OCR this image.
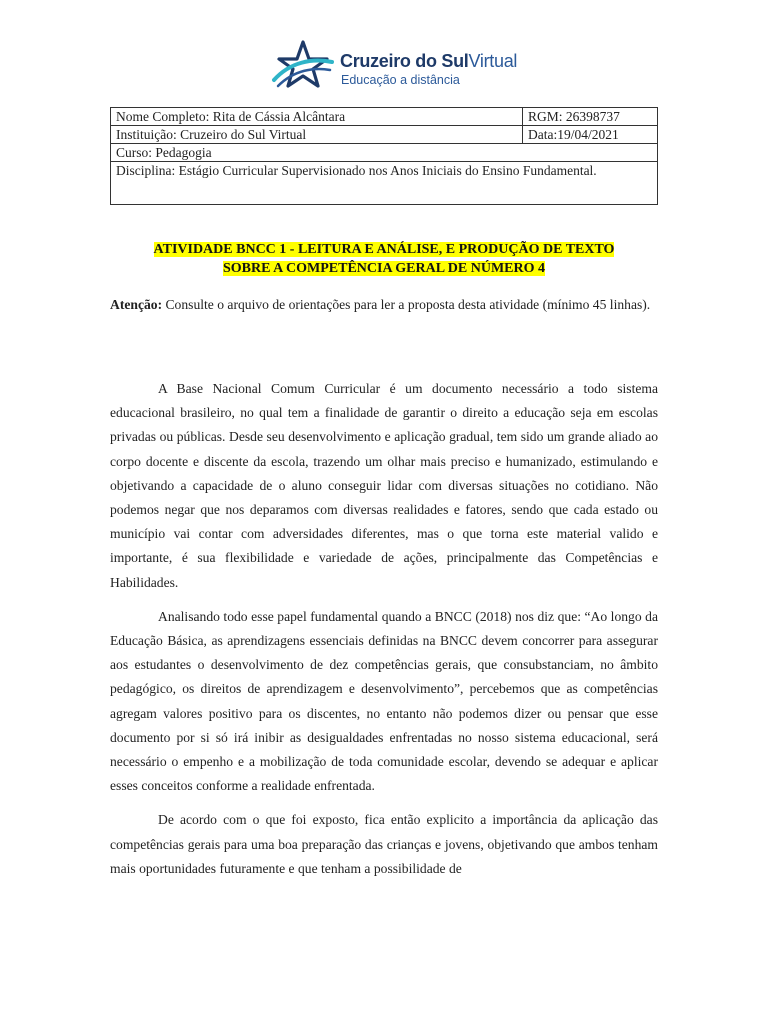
Cruzeiro do SulVirtual
Educação a distância
Nome Completo: Rita de Cássia Alcântara	RGM: 26398737
Instituição: Cruzeiro do Sul Virtual	Data:19/04/2021
Curso: Pedagogia	
Disciplina: Estágio Curricular Supervisionado nos Anos Iniciais do Ensino Fundamental.	
ATIVIDADE BNCC 1 - LEITURA E ANÁLISE, E PRODUÇÃO DE TEXTO
SOBRE A COMPETÊNCIA GERAL DE NÚMERO 4
Atenção: Consulte o arquivo de orientações para ler a proposta desta atividade (mínimo 45 linhas).

A Base Nacional Comum Curricular é um documento necessário a todo sistema educacional brasileiro, no qual tem a finalidade de garantir o direito a educação seja em escolas privadas ou públicas. Desde seu desenvolvimento e aplicação gradual, tem sido um grande aliado ao corpo docente e discente da escola, trazendo um olhar mais preciso e humanizado, estimulando e objetivando a capacidade de o aluno conseguir lidar com diversas situações no cotidiano. Não podemos negar que nos deparamos com diversas realidades e fatores, sendo que cada estado ou município vai contar com adversidades diferentes, mas o que torna este material valido e importante, é sua flexibilidade e variedade de ações, principalmente das Competências e Habilidades.

Analisando todo esse papel fundamental quando a BNCC (2018) nos diz que: “Ao longo da Educação Básica, as aprendizagens essenciais definidas na BNCC devem concorrer para assegurar aos estudantes o desenvolvimento de dez competências gerais, que consubstanciam, no âmbito pedagógico, os direitos de aprendizagem e desenvolvimento”, percebemos que as competências agregam valores positivo para os discentes, no entanto não podemos dizer ou pensar que esse documento por si só irá inibir as desigualdades enfrentadas no nosso sistema educacional, será necessário o empenho e a mobilização de toda comunidade escolar, devendo se adequar e aplicar esses conceitos conforme a realidade enfrentada.

De acordo com o que foi exposto, fica então explicito a importância da aplicação das competências gerais para uma boa preparação das crianças e jovens, objetivando que ambos tenham mais oportunidades futuramente e que tenham a possibilidade de
